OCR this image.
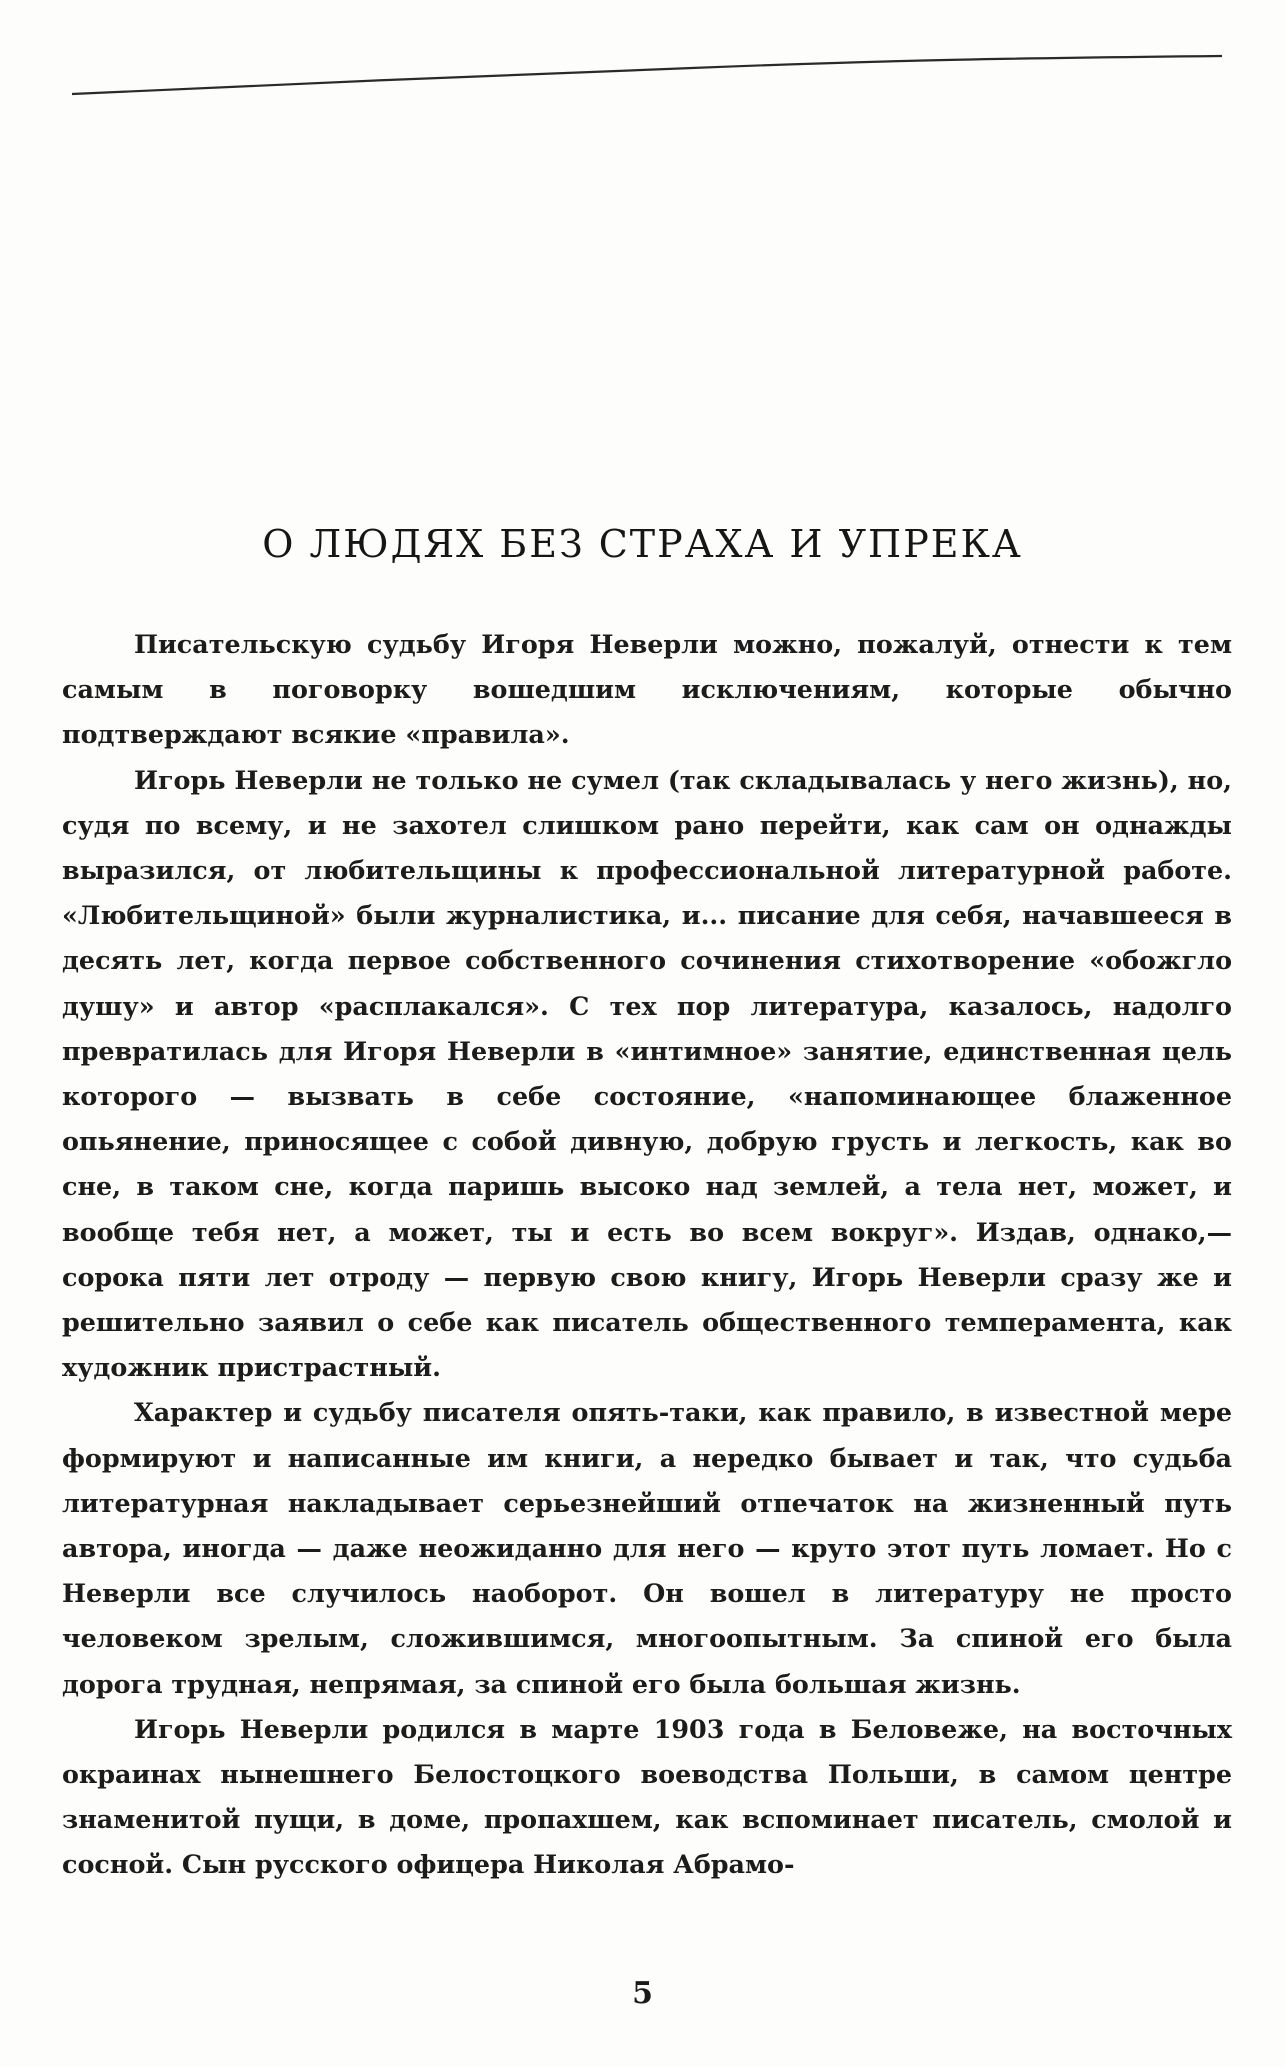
О ЛЮДЯХ БЕЗ СТРАХА И УПРЕКА

Писательскую судьбу Игоря Неверли можно, пожалуй, отнести к тем самым в поговорку вошедшим исключениям, которые обычно подтверждают всякие «правила».

Игорь Неверли не только не сумел (так складывалась у него жизнь), но, судя по всему, и не захотел слишком рано перейти, как сам он однажды выразился, от любительщины к профессиональной литературной работе. «Любительщиной» были журналистика, и... писание для себя, начавшееся в десять лет, когда первое собственного сочинения стихотворение «обожгло душу» и автор «расплакался». С тех пор литература, казалось, надолго превратилась для Игоря Неверли в «интимное» занятие, единственная цель которого — вызвать в себе состояние, «напоминающее блаженное опьянение, приносящее с собой дивную, добрую грусть и легкость, как во сне, в таком сне, когда паришь высоко над землей, а тела нет, может, и вообще тебя нет, а может, ты и есть во всем вокруг». Издав, однако,— сорока пяти лет отроду — первую свою книгу, Игорь Неверли сразу же и решительно заявил о себе как писатель общественного темперамента, как художник пристрастный.

Характер и судьбу писателя опять-таки, как правило, в известной мере формируют и написанные им книги, а нередко бывает и так, что судьба литературная накладывает серьезнейший отпечаток на жизненный путь автора, иногда — даже неожиданно для него — круто этот путь ломает. Но с Неверли все случилось наоборот. Он вошел в литературу не просто человеком зрелым, сложившимся, многоопытным. За спиной его была дорога трудная, непрямая, за спиной его была большая жизнь.

Игорь Неверли родился в марте 1903 года в Беловеже, на восточных окраинах нынешнего Белостоцкого воеводства Польши, в самом центре знаменитой пущи, в доме, пропахшем, как вспоминает писатель, смолой и сосной. Сын русского офицера Николая Абрамо-

5
